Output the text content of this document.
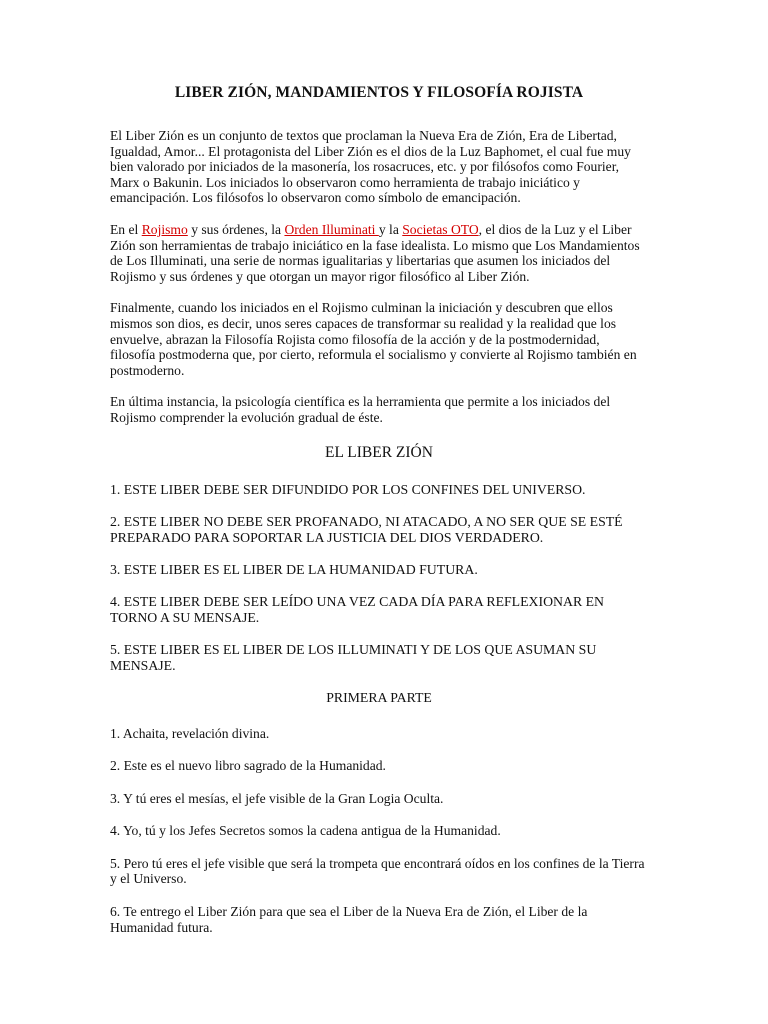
LIBER ZIÓN, MANDAMIENTOS Y FILOSOFÍA ROJISTA

El Liber Zión es un conjunto de textos que proclaman la Nueva Era de Zión, Era de Libertad, Igualdad, Amor... El protagonista del Liber Zión es el dios de la Luz Baphomet, el cual fue muy bien valorado por iniciados de la masonería, los rosacruces, etc. y por filósofos como Fourier, Marx o Bakunin. Los iniciados lo observaron como herramienta de trabajo iniciático y emancipación. Los filósofos lo observaron como símbolo de emancipación.

En el Rojismo y sus órdenes, la Orden Illuminati y la Societas OTO, el dios de la Luz y el Liber Zión son herramientas de trabajo iniciático en la fase idealista. Lo mismo que Los Mandamientos de Los Illuminati, una serie de normas igualitarias y libertarias que asumen los iniciados del Rojismo y sus órdenes y que otorgan un mayor rigor filosófico al Liber Zión.

Finalmente, cuando los iniciados en el Rojismo culminan la iniciación y descubren que ellos mismos son dios, es decir, unos seres capaces de transformar su realidad y la realidad que los envuelve, abrazan la Filosofía Rojista como filosofía de la acción y de la postmodernidad, filosofía postmoderna que, por cierto, reformula el socialismo y convierte al Rojismo también en postmoderno.

En última instancia, la psicología científica es la herramienta que permite a los iniciados del Rojismo comprender la evolución gradual de éste.

EL LIBER ZIÓN

1. ESTE LIBER DEBE SER DIFUNDIDO POR LOS CONFINES DEL UNIVERSO.

2. ESTE LIBER NO DEBE SER PROFANADO, NI ATACADO, A NO SER QUE SE ESTÉ PREPARADO PARA SOPORTAR LA JUSTICIA DEL DIOS VERDADERO.

3. ESTE LIBER ES EL LIBER DE LA HUMANIDAD FUTURA.

4. ESTE LIBER DEBE SER LEÍDO UNA VEZ CADA DÍA PARA REFLEXIONAR EN TORNO A SU MENSAJE.

5. ESTE LIBER ES EL LIBER DE LOS ILLUMINATI Y DE LOS QUE ASUMAN SU MENSAJE.

PRIMERA PARTE

1. Achaita, revelación divina.

2. Este es el nuevo libro sagrado de la Humanidad.

3. Y tú eres el mesías, el jefe visible de la Gran Logia Oculta.

4. Yo, tú y los Jefes Secretos somos la cadena antigua de la Humanidad.

5. Pero tú eres el jefe visible que será la trompeta que encontrará oídos en los confines de la Tierra y el Universo.

6. Te entrego el Liber Zión para que sea el Liber de la Nueva Era de Zión, el Liber de la Humanidad futura.
